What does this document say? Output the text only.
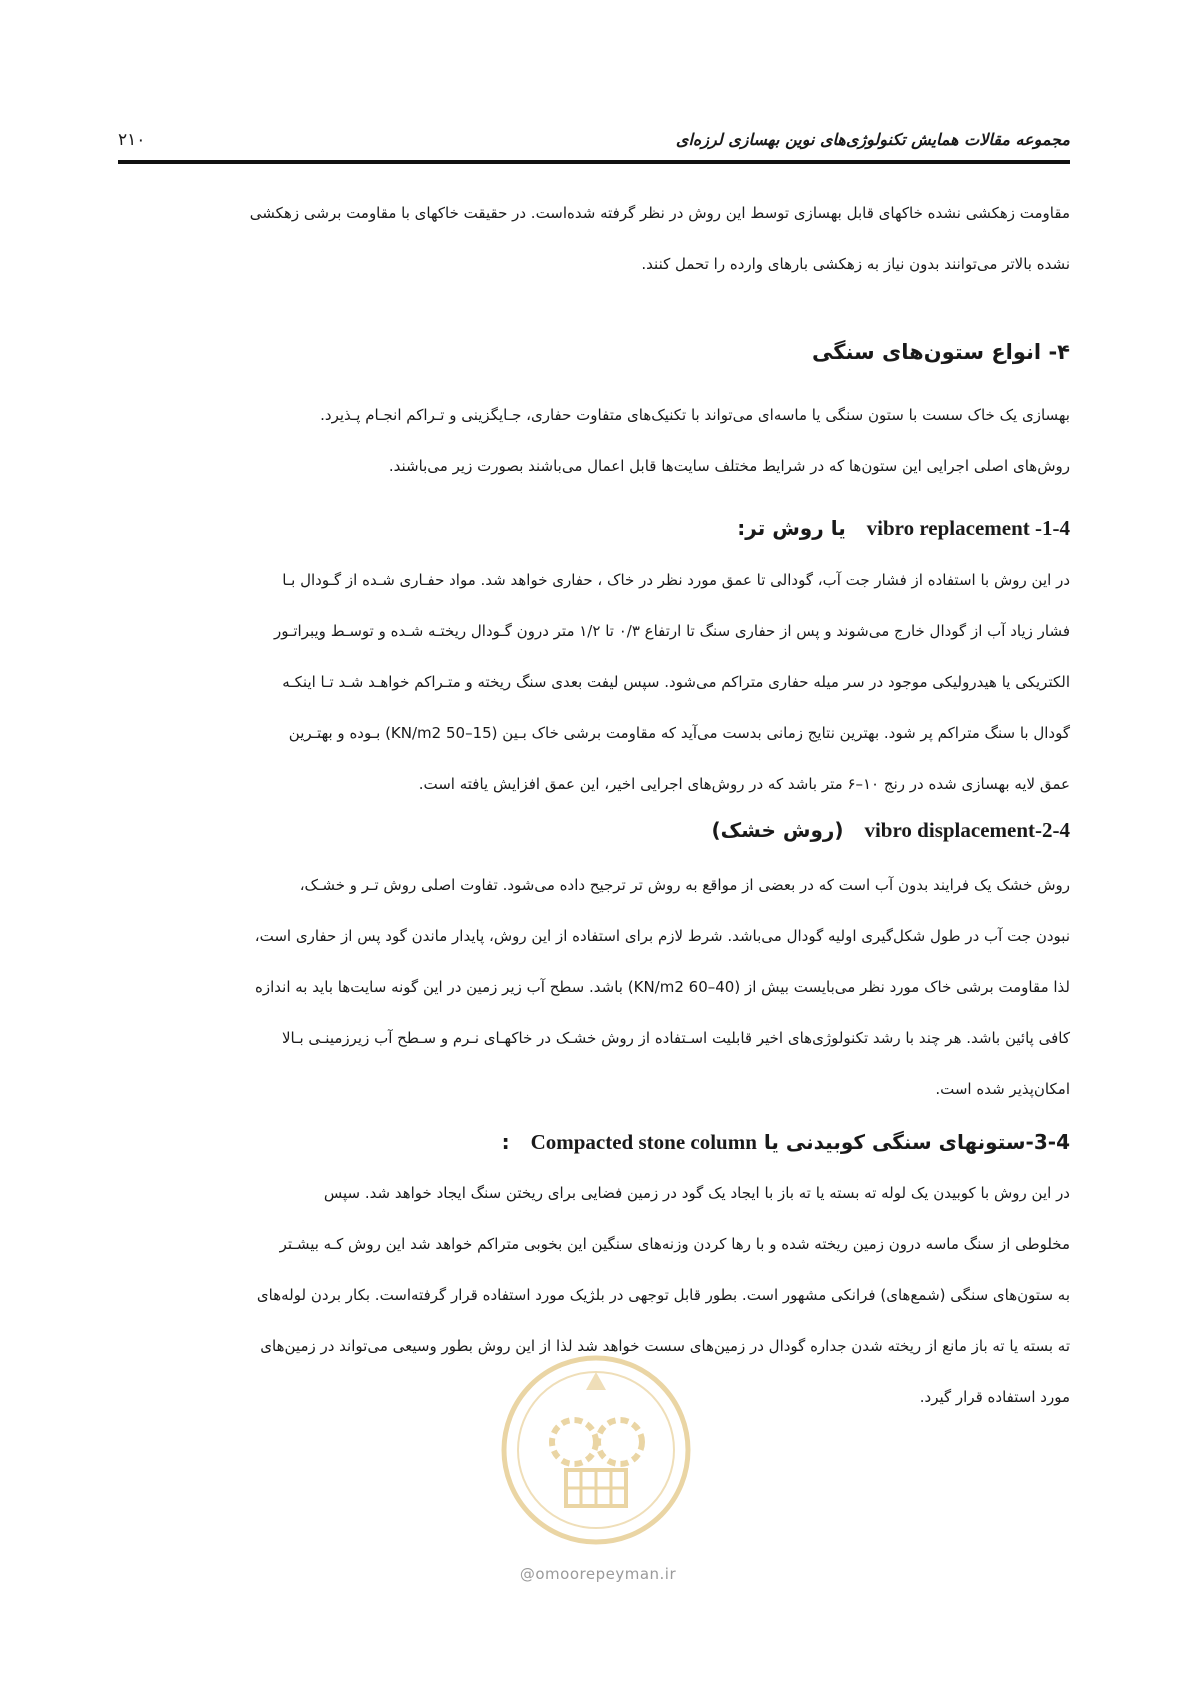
مجموعه مقالات همایش تکنولوژی‌های نوین بهسازی لرزه‌ای
۲۱۰

مقاومت زهکشی نشده خاکهای قابل بهسازی توسط این روش در نظر گرفته شده‌است. در حقیقت خاکهای با مقاومت برشی زهکشی

نشده بالاتر می‌توانند بدون نیاز به زهکشی بارهای وارده را تحمل کنند.

۴- انواع ستون‌های سنگی

بهسازی یک خاک سست با ستون سنگی یا ماسه‌ای می‌تواند با تکنیک‌های متفاوت حفاری، جـایگزینی و تـراکم انجـام پـذیرد.

روش‌های اصلی اجرایی این ستون‌ها که در شرایط مختلف سایت‌ها قابل اعمال می‌باشند بصورت زیر می‌باشند.

vibro replacement -1-4   یا روش تر:

در این روش با استفاده از فشار جت آب، گودالی تا عمق مورد نظر در خاک ، حفاری خواهد شد. مواد حفـاری شـده از گـودال بـا

فشار زیاد آب از گودال خارج می‌شوند و پس از حفاری سنگ تا ارتفاع ۰/۳ تا ۱/۲ متر درون گـودال ریختـه شـده و توسـط ویبراتـور

الکتریکی یا هیدرولیکی موجود در سر میله حفاری متراکم می‌شود. سپس لیفت بعدی سنگ ریخته و متـراکم خواهـد شـد تـا اینکـه

گودال با سنگ متراکم پر شود. بهترین نتایج زمانی بدست می‌آید که مقاومت برشی خاک بـین (15–50 KN/m2) بـوده و بهتـرین

عمق لایه بهسازی شده در رنج ۱۰–۶ متر باشد که در روش‌های اجرایی اخیر، این عمق افزایش یافته است.

vibro displacement-2-4   (روش خشک)

روش خشک یک فرایند بدون آب است که در بعضی از مواقع به روش تر ترجیح داده می‌شود. تفاوت اصلی روش تـر و خشـک،

نبودن جت آب در طول شکل‌گیری اولیه گودال می‌باشد. شرط لازم برای استفاده از این روش، پایدار ماندن گود پس از حفاری است،

لذا مقاومت برشی خاک مورد نظر می‌بایست بیش از (40–60 KN/m2) باشد. سطح آب زیر زمین در این گونه سایت‌ها باید به اندازه

کافی پائین باشد. هر چند با رشد تکنولوژی‌های اخیر قابلیت اسـتفاده از روش خشـک در خاکهـای نـرم و سـطح آب زیرزمینـی بـالا

امکان‌پذیر شده است.

3-4-ستونهای سنگی کوبیدنی یا Compacted stone column   :

در این روش با کوبیدن یک لوله ته بسته یا ته باز با ایجاد یک گود در زمین فضایی برای ریختن سنگ ایجاد خواهد شد. سپس

مخلوطی از سنگ ماسه درون زمین ریخته شده و با رها کردن وزنه‌های سنگین این بخوبی متراکم خواهد شد این روش کـه بیشـتر

به ستون‌های سنگی (شمع‌های) فرانکی مشهور است. بطور قابل توجهی در بلژیک مورد استفاده قرار گرفته‌است. بکار بردن لوله‌های

ته بسته یا ته باز مانع از ریخته شدن جداره گودال در زمین‌های سست خواهد شد لذا از این روش بطور وسیعی می‌تواند در زمین‌های

مورد استفاده قرار گیرد.

@omoorepeyman.ir
